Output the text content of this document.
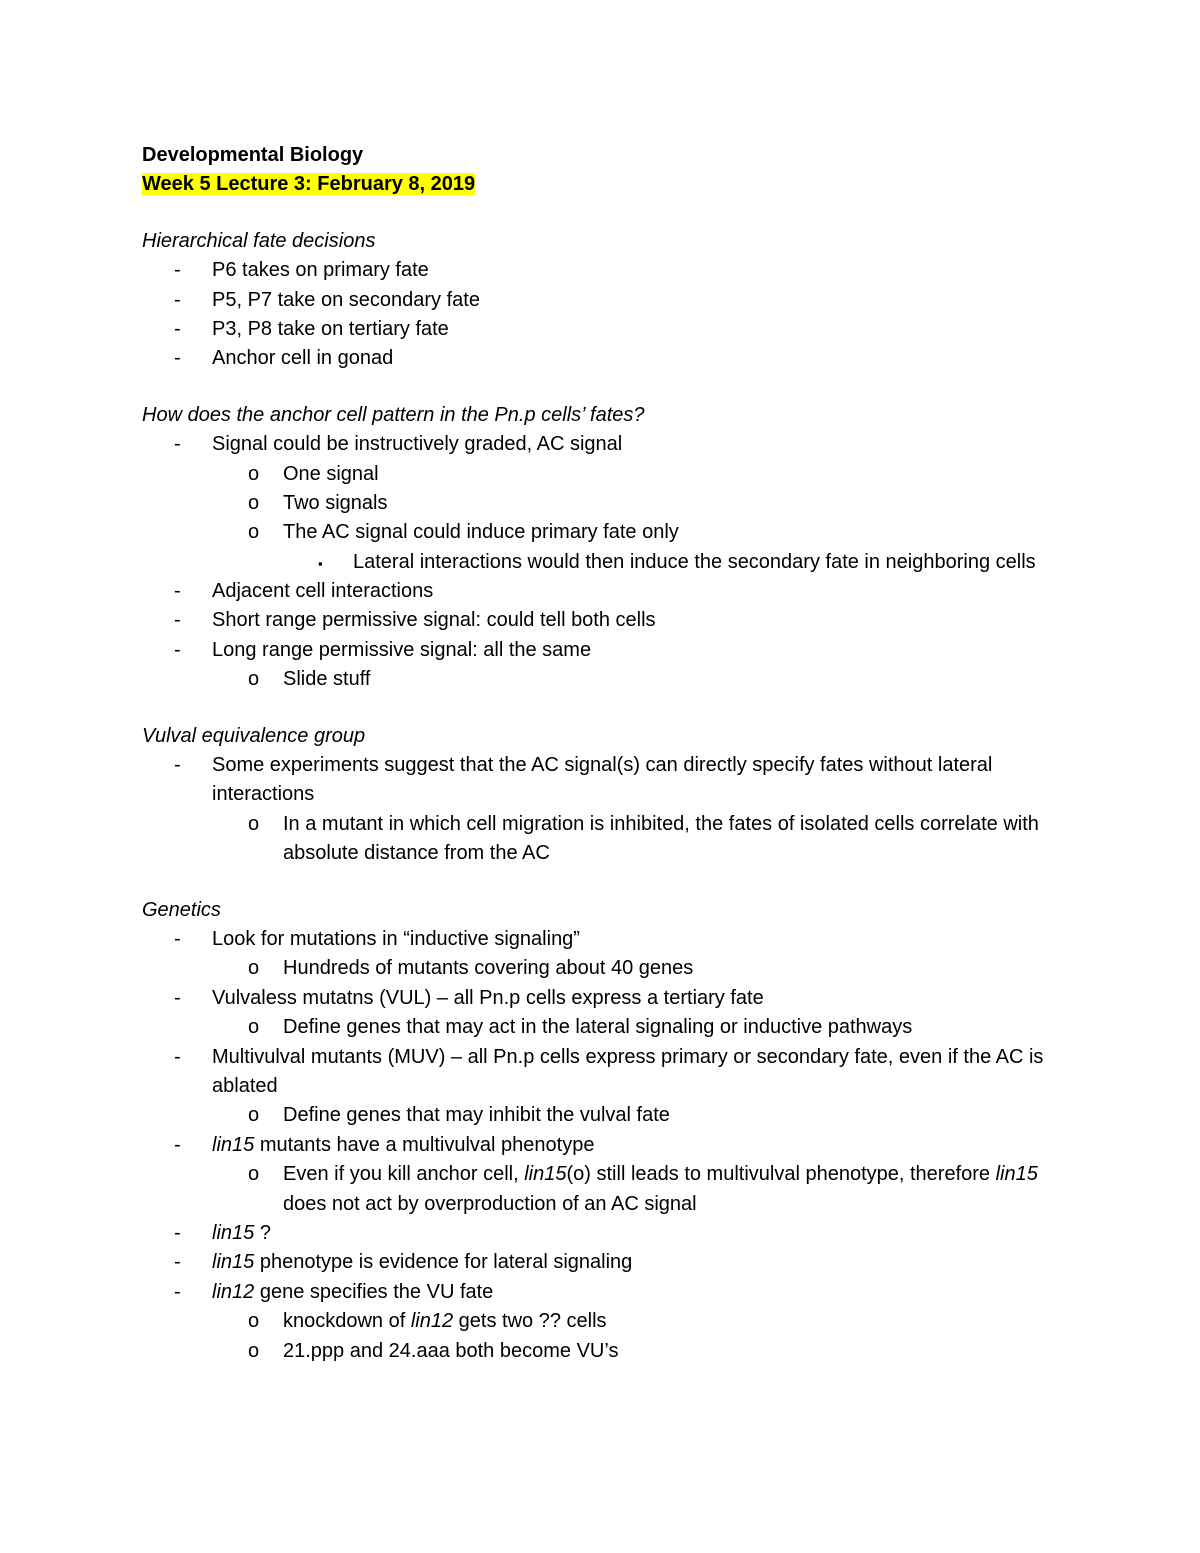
Developmental Biology
Week 5 Lecture 3: February 8, 2019
Hierarchical fate decisions
- P6 takes on primary fate
- P5, P7 take on secondary fate
- P3, P8 take on tertiary fate
- Anchor cell in gonad
How does the anchor cell pattern in the Pn.p cells’ fates?
- Signal could be instructively graded, AC signal
o One signal
o Two signals
o The AC signal could induce primary fate only
▪ Lateral interactions would then induce the secondary fate in neighboring cells
- Adjacent cell interactions
- Short range permissive signal: could tell both cells
- Long range permissive signal: all the same
o Slide stuff
Vulval equivalence group
- Some experiments suggest that the AC signal(s) can directly specify fates without lateral interactions
o In a mutant in which cell migration is inhibited, the fates of isolated cells correlate with absolute distance from the AC
Genetics
- Look for mutations in “inductive signaling”
o Hundreds of mutants covering about 40 genes
- Vulvaless mutatns (VUL) – all Pn.p cells express a tertiary fate
o Define genes that may act in the lateral signaling or inductive pathways
- Multivulval mutants (MUV) – all Pn.p cells express primary or secondary fate, even if the AC is ablated
o Define genes that may inhibit the vulval fate
- lin15 mutants have a multivulval phenotype
o Even if you kill anchor cell, lin15(o) still leads to multivulval phenotype, therefore lin15 does not act by overproduction of an AC signal
- lin15 ?
- lin15 phenotype is evidence for lateral signaling
- lin12 gene specifies the VU fate
o knockdown of lin12 gets two ?? cells
o 21.ppp and 24.aaa both become VU’s
